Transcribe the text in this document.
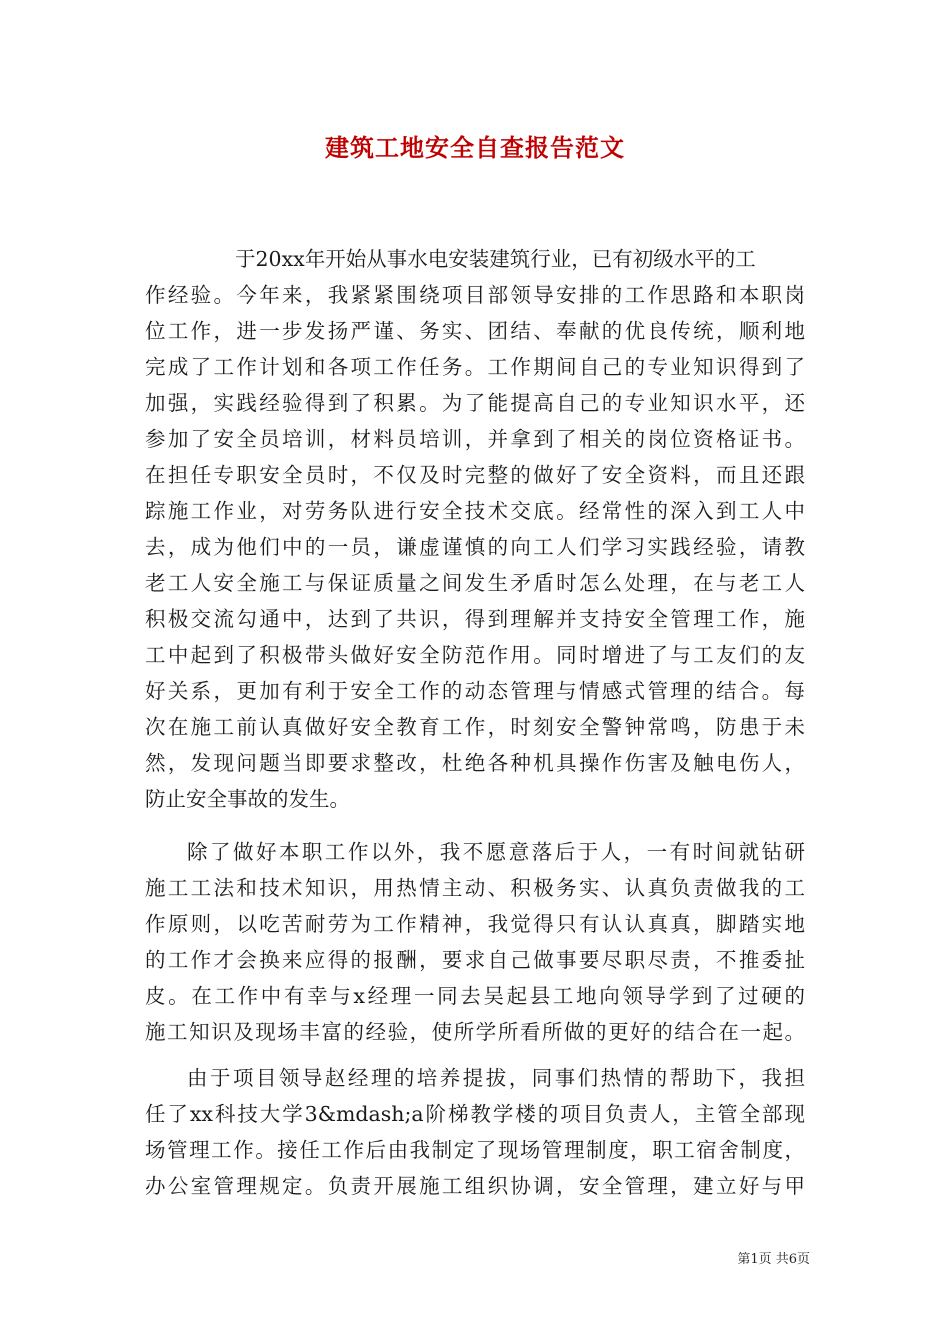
建筑工地安全自查报告范文
于20xx年开始从事水电安装建筑行业，已有初级水平的工
作经验。今年来，我紧紧围绕项目部领导安排的工作思路和本职岗
位工作，进一步发扬严谨、务实、团结、奉献的优良传统，顺利地
完成了工作计划和各项工作任务。工作期间自己的专业知识得到了
加强，实践经验得到了积累。为了能提高自己的专业知识水平，还
参加了安全员培训，材料员培训，并拿到了相关的岗位资格证书。
在担任专职安全员时，不仅及时完整的做好了安全资料，而且还跟
踪施工作业，对劳务队进行安全技术交底。经常性的深入到工人中
去，成为他们中的一员，谦虚谨慎的向工人们学习实践经验，请教
老工人安全施工与保证质量之间发生矛盾时怎么处理，在与老工人
积极交流勾通中，达到了共识，得到理解并支持安全管理工作，施
工中起到了积极带头做好安全防范作用。同时增进了与工友们的友
好关系，更加有利于安全工作的动态管理与情感式管理的结合。每
次在施工前认真做好安全教育工作，时刻安全警钟常鸣，防患于未
然，发现问题当即要求整改，杜绝各种机具操作伤害及触电伤人，
防止安全事故的发生。
除了做好本职工作以外，我不愿意落后于人，一有时间就钻研
施工工法和技术知识，用热情主动、积极务实、认真负责做我的工
作原则，以吃苦耐劳为工作精神，我觉得只有认认真真，脚踏实地
的工作才会换来应得的报酬，要求自己做事要尽职尽责，不推委扯
皮。在工作中有幸与x经理一同去吴起县工地向领导学到了过硬的
施工知识及现场丰富的经验，使所学所看所做的更好的结合在一起。
由于项目领导赵经理的培养提拔，同事们热情的帮助下，我担
任了xx科技大学3&mdash;a阶梯教学楼的项目负责人，主管全部现
场管理工作。接任工作后由我制定了现场管理制度，职工宿舍制度，
办公室管理规定。负责开展施工组织协调，安全管理，建立好与甲
第1页 共6页
